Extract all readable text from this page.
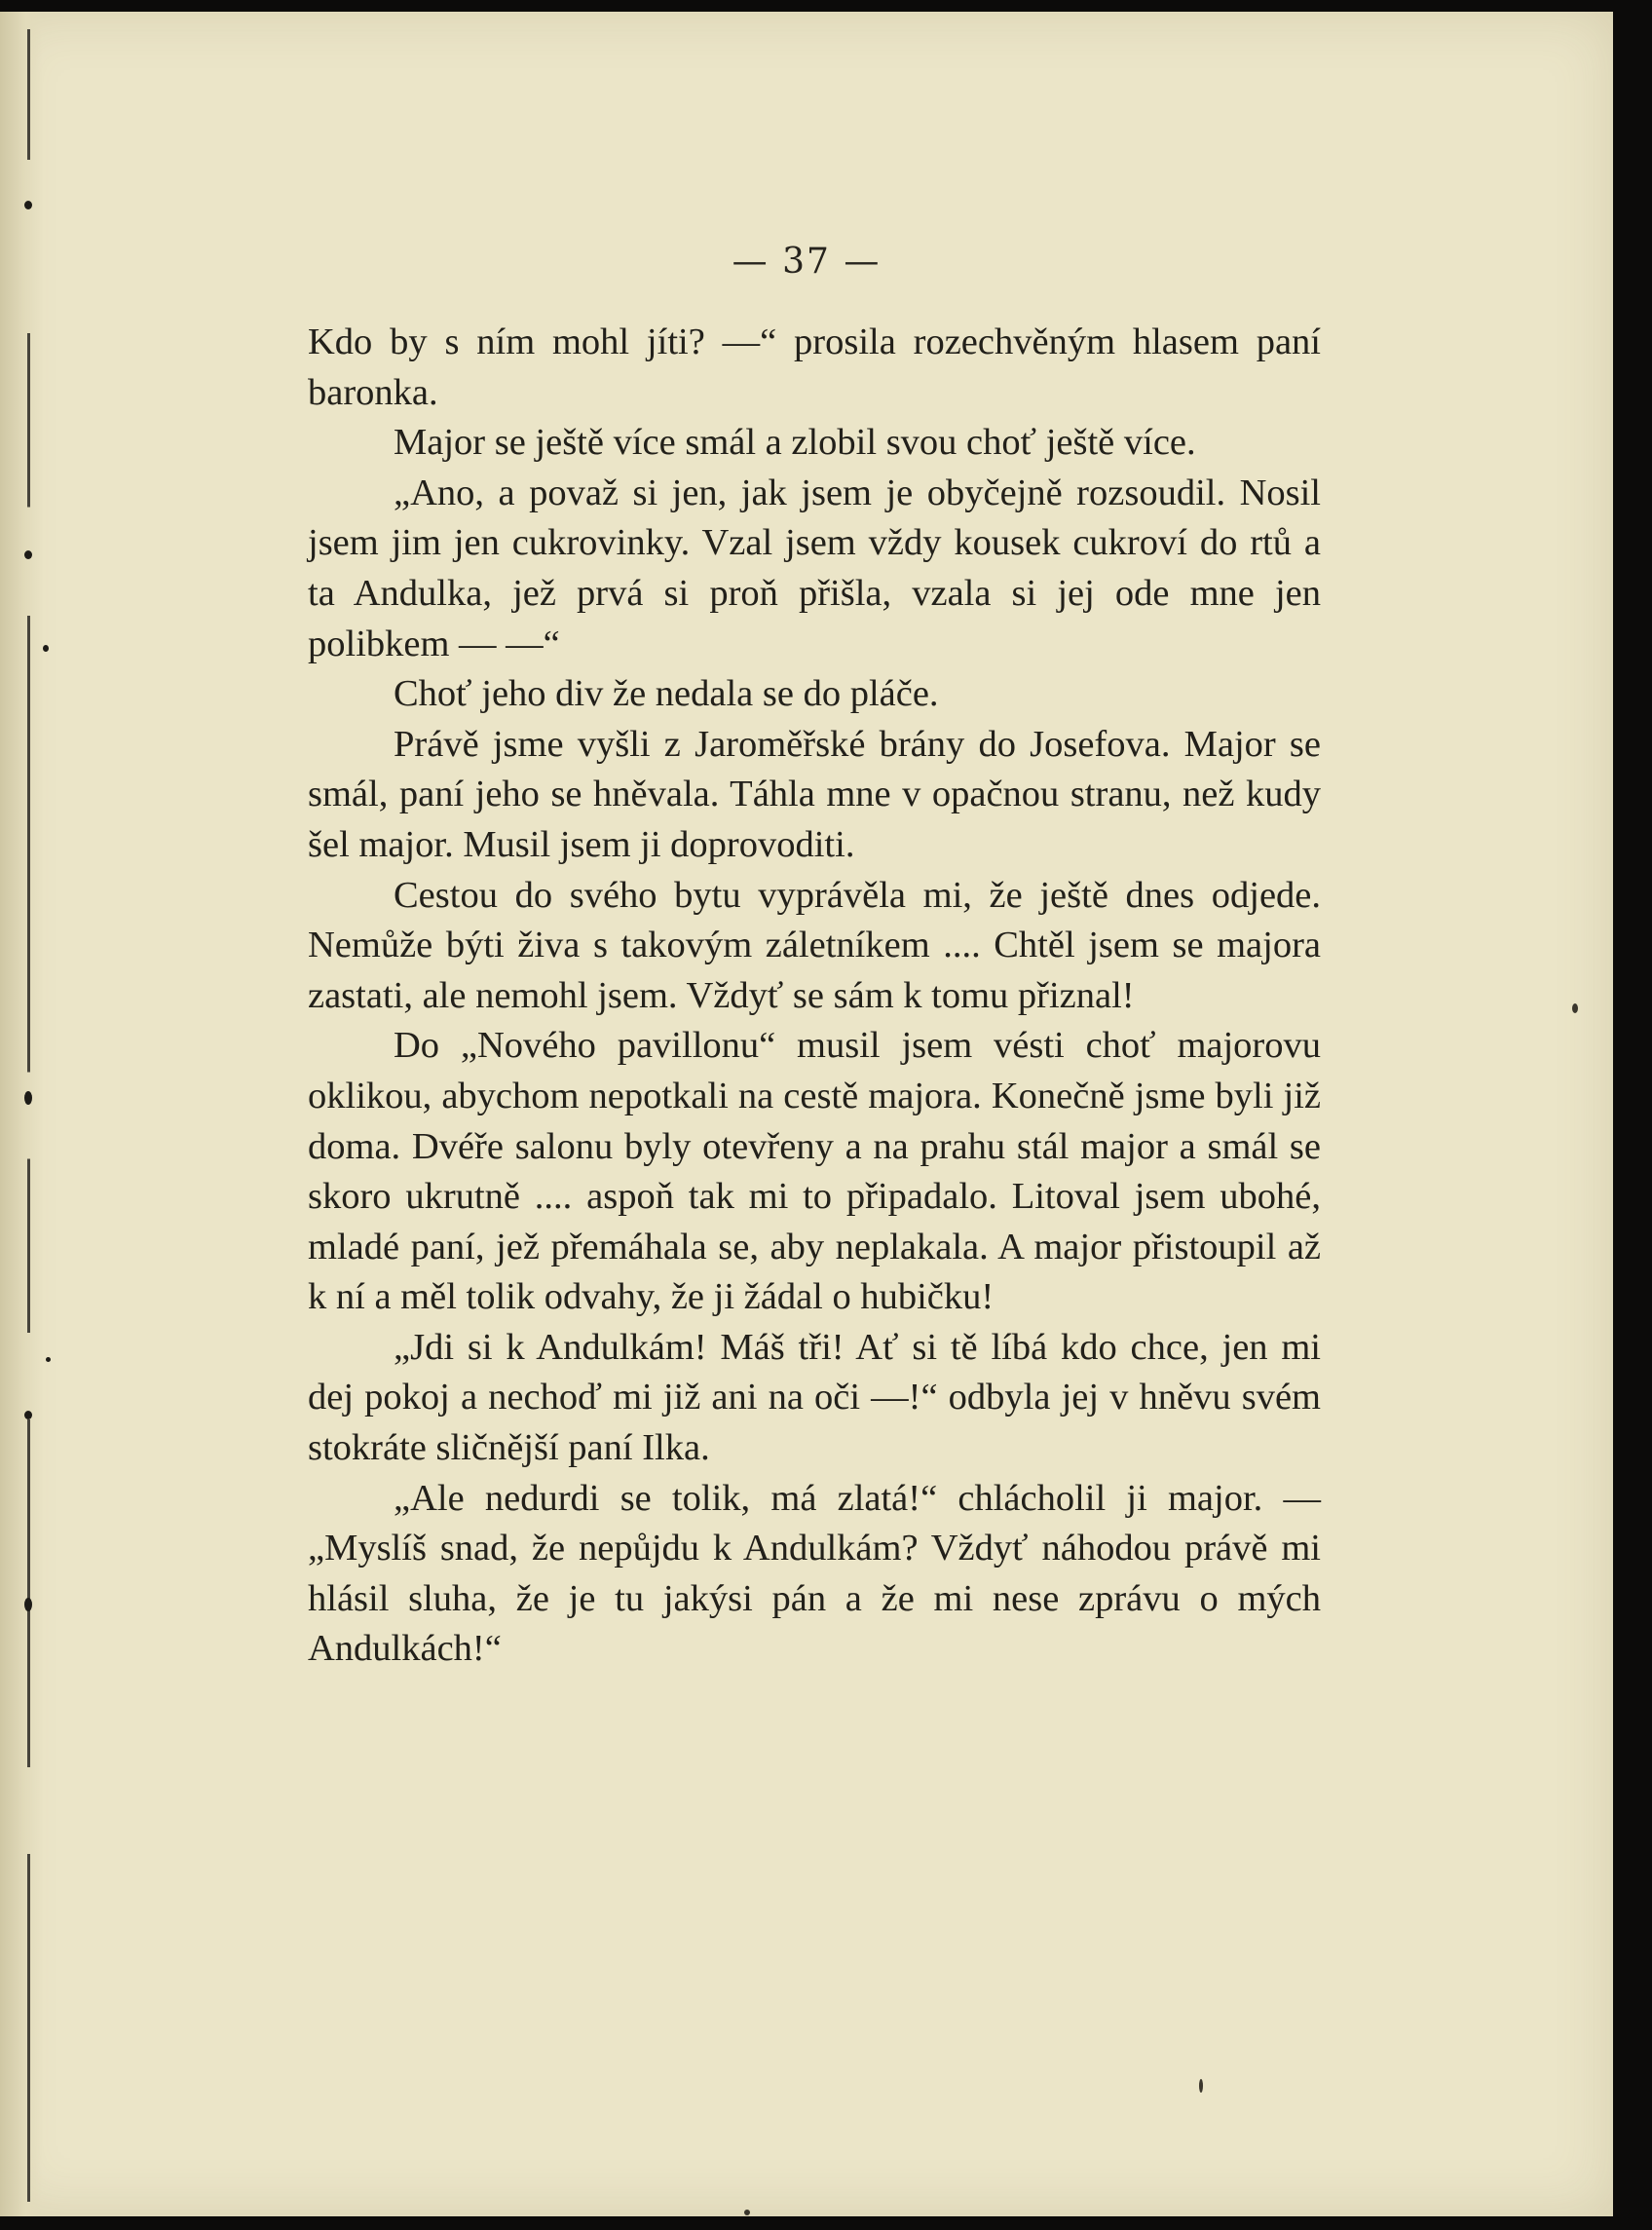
— 37 —

Kdo by s ním mohl jíti? —“ prosila rozechvěným hlasem paní baronka.

Major se ještě více smál a zlobil svou choť ještě více.

„Ano, a považ si jen, jak jsem je obyčejně rozsoudil. Nosil jsem jim jen cukrovinky. Vzal jsem vždy kousek cukroví do rtů a ta Andulka, jež prvá si proň přišla, vzala si jej ode mne jen polibkem — —“

Choť jeho div že nedala se do pláče.

Právě jsme vyšli z Jaroměřské brány do Josefova. Major se smál, paní jeho se hněvala. Táhla mne v opačnou stranu, než kudy šel major. Musil jsem ji doprovoditi.

Cestou do svého bytu vyprávěla mi, že ještě dnes odjede. Nemůže býti živa s takovým záletníkem .... Chtěl jsem se majora zastati, ale nemohl jsem. Vždyť se sám k tomu přiznal!

Do „Nového pavillonu“ musil jsem vésti choť majorovu oklikou, abychom nepotkali na cestě majora. Konečně jsme byli již doma. Dvéře salonu byly otevřeny a na prahu stál major a smál se skoro ukrutně .... aspoň tak mi to připadalo. Litoval jsem ubohé, mladé paní, jež přemáhala se, aby neplakala. A major přistoupil až k ní a měl tolik odvahy, že ji žádal o hubičku!

„Jdi si k Andulkám! Máš tři! Ať si tě líbá kdo chce, jen mi dej pokoj a nechoď mi již ani na oči —!“ odbyla jej v hněvu svém stokráte sličnější paní Ilka.

„Ale nedurdi se tolik, má zlatá!“ chlácholil ji major. — „Myslíš snad, že nepůjdu k Andulkám? Vždyť náhodou právě mi hlásil sluha, že je tu jakýsi pán a že mi nese zprávu o mých Andulkách!“
